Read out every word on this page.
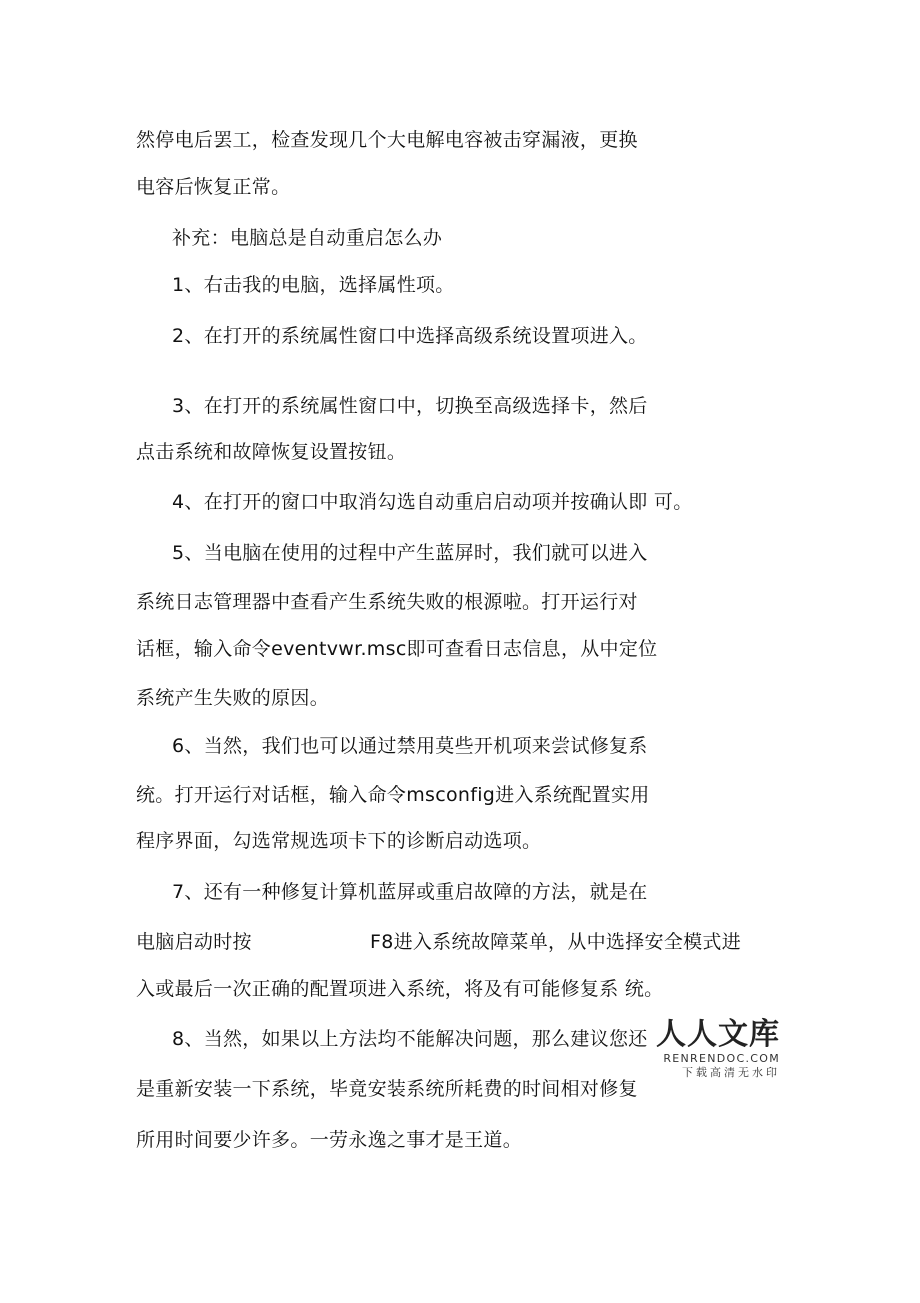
然停电后罢工，检查发现几个大电解电容被击穿漏液，更换
电容后恢复正常。
补充：电脑总是自动重启怎么办
1、右击我的电脑，选择属性项。
2、在打开的系统属性窗口中选择高级系统设置项进入。
3、在打开的系统属性窗口中，切换至高级选择卡，然后
点击系统和故障恢复设置按钮。
4、在打开的窗口中取消勾选自动重启启动项并按确认即 可。
5、当电脑在使用的过程中产生蓝屏时，我们就可以进入
系统日志管理器中查看产生系统失败的根源啦。打开运行对
话框，输入命令eventvwr.msc即可查看日志信息，从中定位
系统产生失败的原因。
6、当然，我们也可以通过禁用莫些开机项来尝试修复系
统。打开运行对话框，输入命令msconfig进入系统配置实用
程序界面，勾选常规选项卡下的诊断启动选项。
7、还有一种修复计算机蓝屏或重启故障的方法，就是在
电脑启动时按	F8进入系统故障菜单，从中选择安全模式进
入或最后一次正确的配置项进入系统，将及有可能修复系 统。
8、当然，如果以上方法均不能解决问题，那么建议您还
是重新安装一下系统，毕竟安装系统所耗费的时间相对修复
所用时间要少许多。一劳永逸之事才是王道。
人人文库
RENRENDOC.COM
下载高清无水印
